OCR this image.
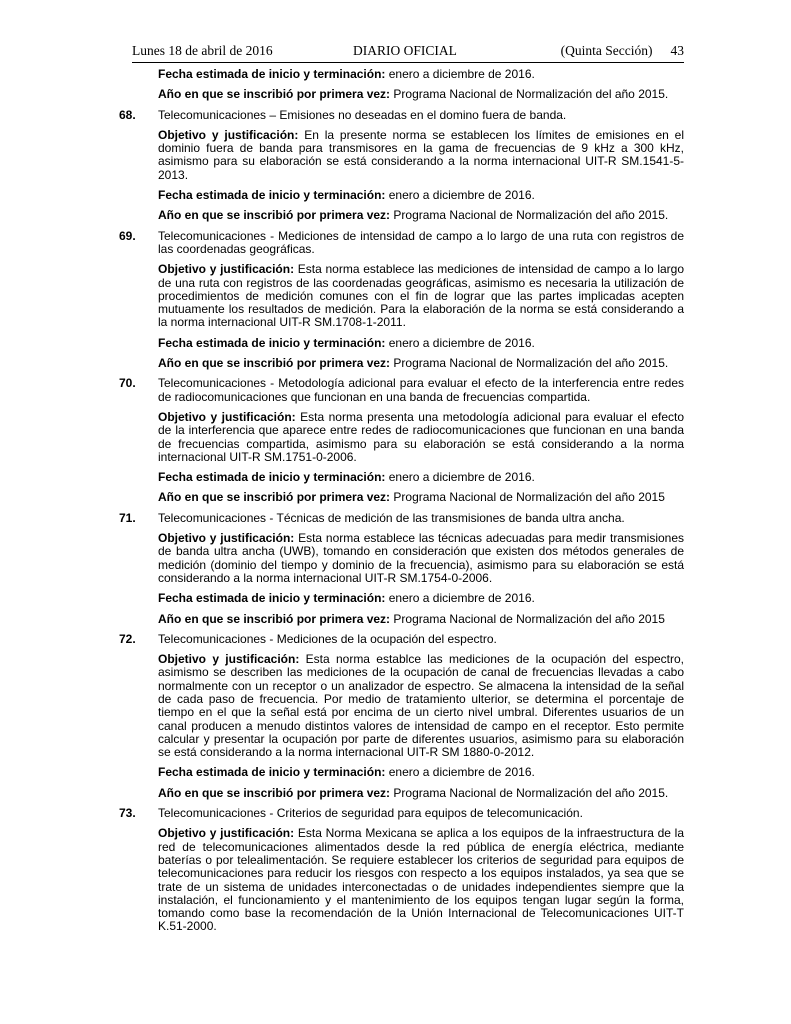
Lunes 18 de abril de 2016	DIARIO OFICIAL	(Quinta Sección) 43

Fecha estimada de inicio y terminación: enero a diciembre de 2016.

Año en que se inscribió por primera vez: Programa Nacional de Normalización del año 2015.

68. Telecomunicaciones – Emisiones no deseadas en el domino fuera de banda.

Objetivo y justificación: En la presente norma se establecen los límites de emisiones en el dominio fuera de banda para transmisores en la gama de frecuencias de 9 kHz a 300 kHz, asimismo para su elaboración se está considerando a la norma internacional UIT-R SM.1541-5-2013.

Fecha estimada de inicio y terminación: enero a diciembre de 2016.

Año en que se inscribió por primera vez: Programa Nacional de Normalización del año 2015.

69. Telecomunicaciones - Mediciones de intensidad de campo a lo largo de una ruta con registros de las coordenadas geográficas.

Objetivo y justificación: Esta norma establece las mediciones de intensidad de campo a lo largo de una ruta con registros de las coordenadas geográficas, asimismo es necesaria la utilización de procedimientos de medición comunes con el fin de lograr que las partes implicadas acepten mutuamente los resultados de medición. Para la elaboración de la norma se está considerando a la norma internacional UIT-R SM.1708-1-2011.

Fecha estimada de inicio y terminación: enero a diciembre de 2016.

Año en que se inscribió por primera vez: Programa Nacional de Normalización del año 2015.

70. Telecomunicaciones - Metodología adicional para evaluar el efecto de la interferencia entre redes de radiocomunicaciones que funcionan en una banda de frecuencias compartida.

Objetivo y justificación: Esta norma presenta una metodología adicional para evaluar el efecto de la interferencia que aparece entre redes de radiocomunicaciones que funcionan en una banda de frecuencias compartida, asimismo para su elaboración se está considerando a la norma internacional UIT-R SM.1751-0-2006.

Fecha estimada de inicio y terminación: enero a diciembre de 2016.

Año en que se inscribió por primera vez: Programa Nacional de Normalización del año 2015

71. Telecomunicaciones - Técnicas de medición de las transmisiones de banda ultra ancha.

Objetivo y justificación: Esta norma establece las técnicas adecuadas para medir transmisiones de banda ultra ancha (UWB), tomando en consideración que existen dos métodos generales de medición (dominio del tiempo y dominio de la frecuencia), asimismo para su elaboración se está considerando a la norma internacional UIT-R SM.1754-0-2006.

Fecha estimada de inicio y terminación: enero a diciembre de 2016.

Año en que se inscribió por primera vez: Programa Nacional de Normalización del año 2015

72. Telecomunicaciones - Mediciones de la ocupación del espectro.

Objetivo y justificación: Esta norma establce las mediciones de la ocupación del espectro, asimismo se describen las mediciones de la ocupación de canal de frecuencias llevadas a cabo normalmente con un receptor o un analizador de espectro. Se almacena la intensidad de la señal de cada paso de frecuencia. Por medio de tratamiento ulterior, se determina el porcentaje de tiempo en el que la señal está por encima de un cierto nivel umbral. Diferentes usuarios de un canal producen a menudo distintos valores de intensidad de campo en el receptor. Esto permite calcular y presentar la ocupación por parte de diferentes usuarios, asimismo para su elaboración se está considerando a la norma internacional UIT-R SM 1880-0-2012.

Fecha estimada de inicio y terminación: enero a diciembre de 2016.

Año en que se inscribió por primera vez: Programa Nacional de Normalización del año 2015.

73. Telecomunicaciones - Criterios de seguridad para equipos de telecomunicación.

Objetivo y justificación: Esta Norma Mexicana se aplica a los equipos de la infraestructura de la red de telecomunicaciones alimentados desde la red pública de energía eléctrica, mediante baterías o por telealimentación. Se requiere establecer los criterios de seguridad para equipos de telecomunicaciones para reducir los riesgos con respecto a los equipos instalados, ya sea que se trate de un sistema de unidades interconectadas o de unidades independientes siempre que la instalación, el funcionamiento y el mantenimiento de los equipos tengan lugar según la forma, tomando como base la recomendación de la Unión Internacional de Telecomunicaciones UIT-T K.51-2000.
